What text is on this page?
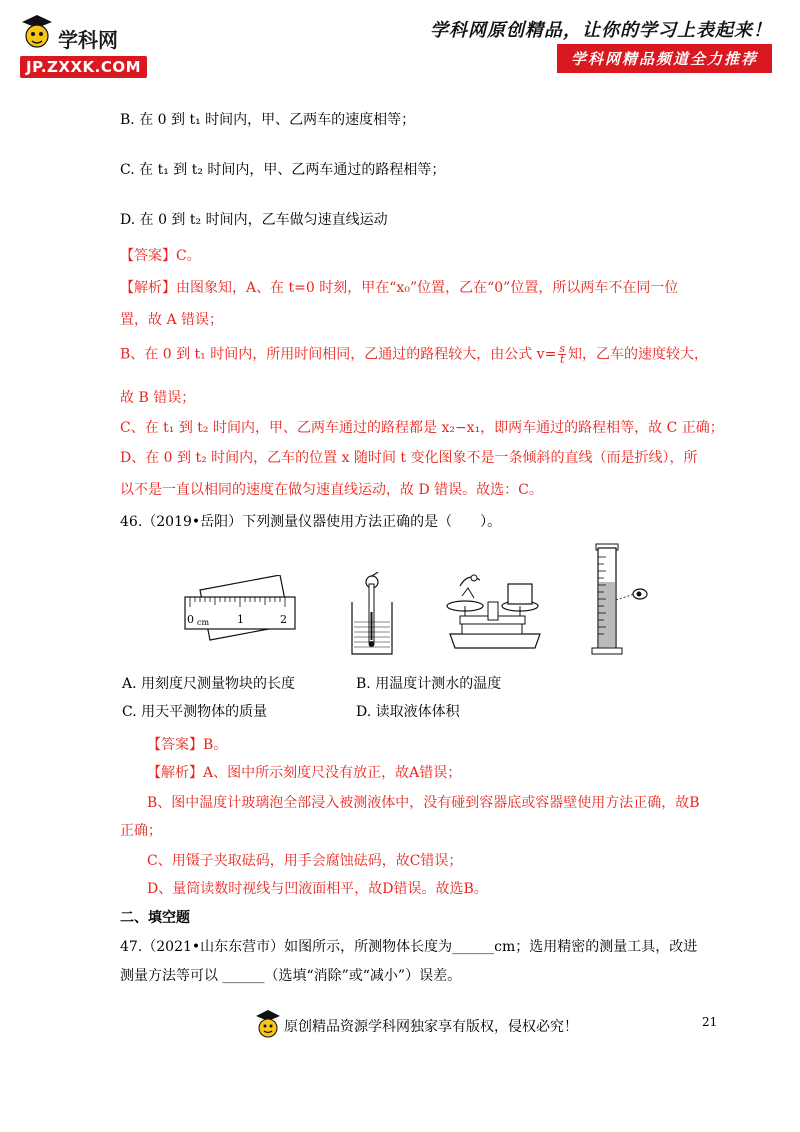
学科网
JP.ZXXK.COM
学科网原创精品，让你的学习上表起来！
学科网精品频道全力推荐
B. 在 0 到 t₁ 时间内，甲、乙两车的速度相等；
C. 在 t₁ 到 t₂ 时间内，甲、乙两车通过的路程相等；
D. 在 0 到 t₂ 时间内，乙车做匀速直线运动
【答案】C。
【解析】由图象知，A、在 t=0 时刻，甲在“x₀”位置，乙在“0”位置，所以两车不在同一位
置，故 A 错误；
B、在 0 到 t₁ 时间内，所用时间相同，乙通过的路程较大，由公式 $v= \frac{s}{t}$ 知，乙车的速度较大，
故 B 错误；
C、在 t₁ 到 t₂ 时间内，甲、乙两车通过的路程都是 x₂−x₁，即两车通过的路程相等，故 C 正确；
D、在 0 到 t₂ 时间内，乙车的位置 x 随时间 t 变化图象不是一条倾斜的直线（而是折线），所
以不是一直以相同的速度在做匀速直线运动，故 D 错误。故选：C。
46.（2019•岳阳）下列测量仪器使用方法正确的是（　　）。
0 cm	1	2
A. 用刻度尺测量物块的长度	B. 用温度计测水的温度
C. 用天平测物体的质量	D. 读取液体体积
【答案】B。
【解析】A、图中所示刻度尺没有放正，故A错误；
B、图中温度计玻璃泡全部浸入被测液体中，没有碰到容器底或容器壁使用方法正确，故B
正确；
C、用镊子夹取砝码，用手会腐蚀砝码，故C错误；
D、量筒读数时视线与凹液面相平，故D错误。故选B。
二、填空题
47.（2021•山东东营市）如图所示，所测物体长度为______cm；选用精密的测量工具，改进
测量方法等可以 ______（选填“消除”或“减小”）误差。
21
原创精品资源学科网独家享有版权，侵权必究！
